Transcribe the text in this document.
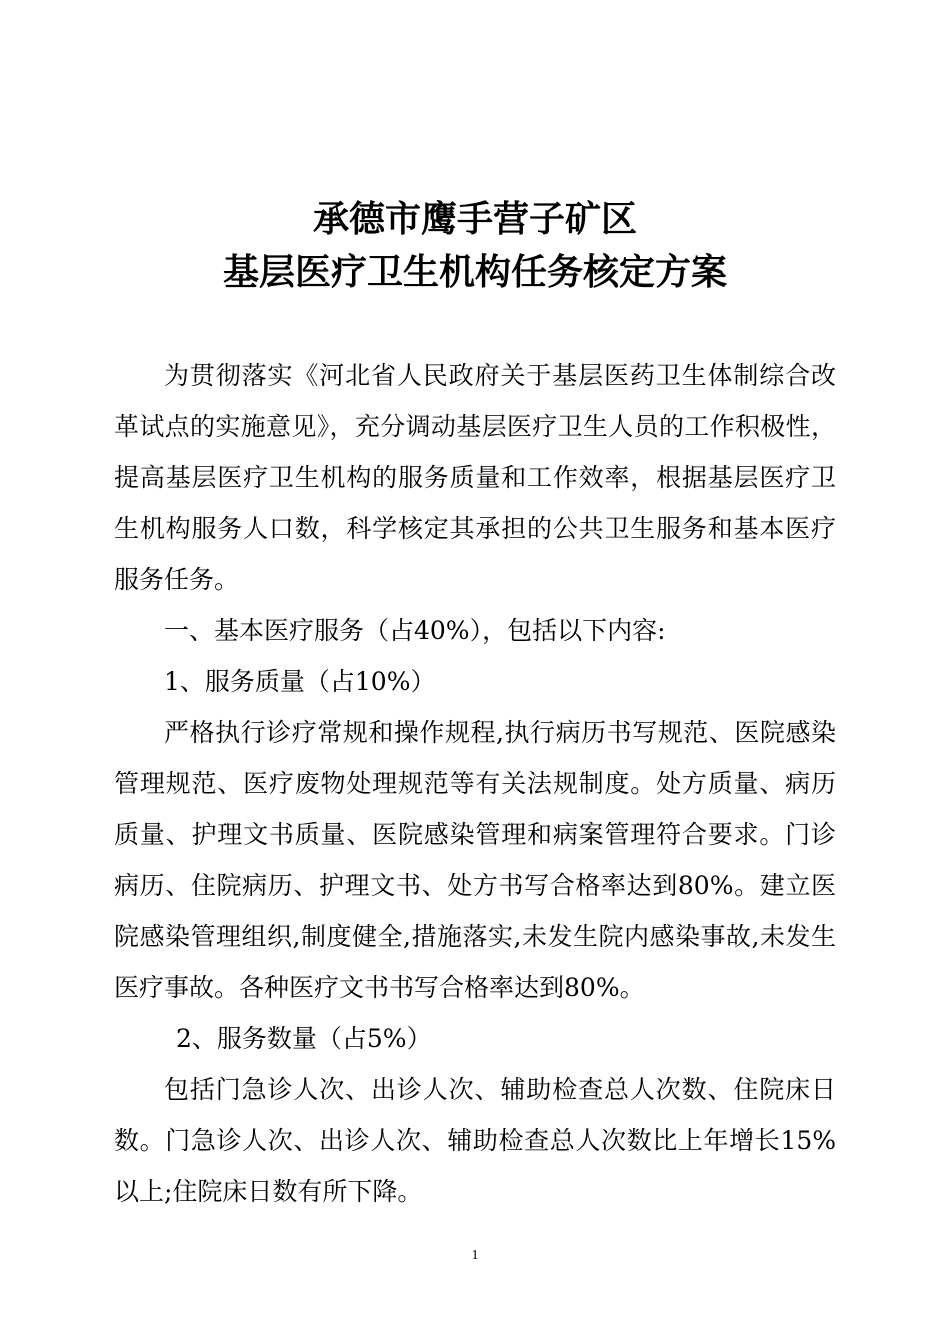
承德市鹰手营子矿区
基层医疗卫生机构任务核定方案

为贯彻落实《河北省人民政府关于基层医药卫生体制综合改革试点的实施意见》，充分调动基层医疗卫生人员的工作积极性，提高基层医疗卫生机构的服务质量和工作效率，根据基层医疗卫生机构服务人口数，科学核定其承担的公共卫生服务和基本医疗服务任务。

一、基本医疗服务（占40%），包括以下内容:

1、服务质量（占10%）

严格执行诊疗常规和操作规程,执行病历书写规范、医院感染管理规范、医疗废物处理规范等有关法规制度。处方质量、病历质量、护理文书质量、医院感染管理和病案管理符合要求。门诊病历、住院病历、护理文书、处方书写合格率达到80%。建立医院感染管理组织,制度健全,措施落实,未发生院内感染事故,未发生医疗事故。各种医疗文书书写合格率达到80%。

2、服务数量（占5%）

包括门急诊人次、出诊人次、辅助检查总人次数、住院床日数。门急诊人次、出诊人次、辅助检查总人次数比上年增长15%以上;住院床日数有所下降。

1
